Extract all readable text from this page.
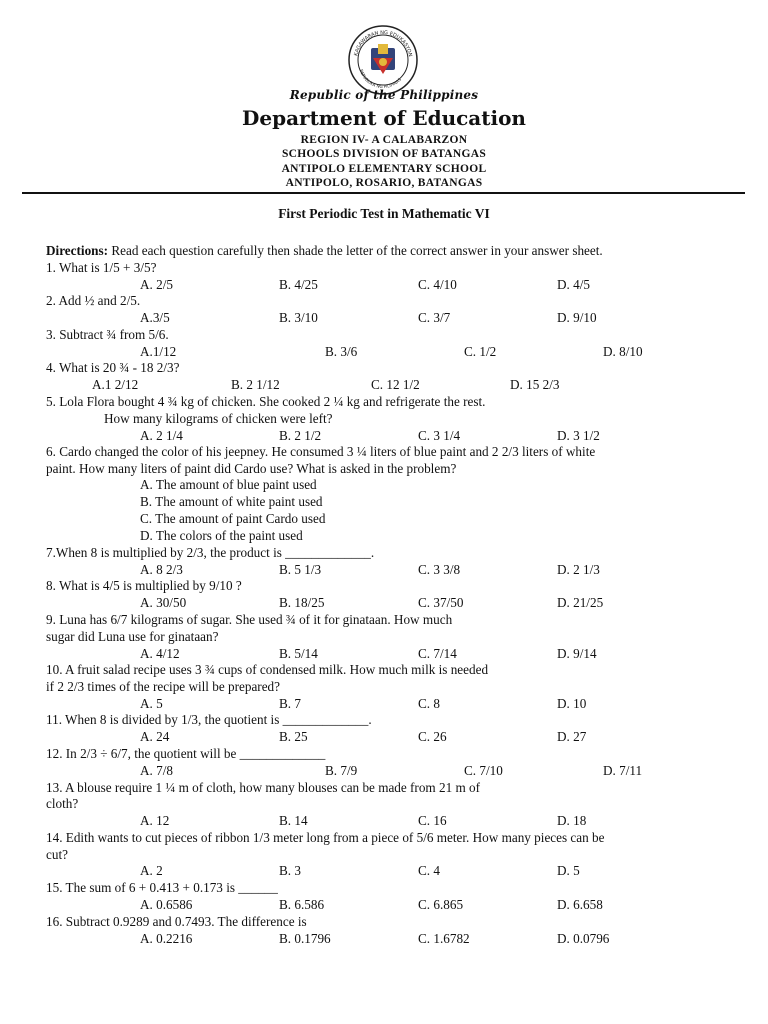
KAGAWARAN NG EDUKASYON
REPUBLIKA NG PILIPINAS
Republic of the Philippines
Department of Education
REGION IV- A CALABARZON
SCHOOLS DIVISION OF BATANGAS
ANTIPOLO ELEMENTARY SCHOOL
ANTIPOLO, ROSARIO, BATANGAS
First Periodic Test in Mathematic VI
Directions: Read each question carefully then shade the letter of the correct answer in your answer sheet.
1. What is 1/5 + 3/5?
A. 2/5	B. 4/25	C. 4/10	D. 4/5
2. Add ½ and 2/5.
A.3/5	B. 3/10	C. 3/7	D. 9/10
3. Subtract ¾ from 5/6.
A.1/12	B. 3/6	C. 1/2	D. 8/10
4. What is 20 ¾ - 18 2/3?
A.1 2/12	B. 2 1/12	C. 12 1/2	D. 15 2/3
5. Lola Flora bought 4 ¾ kg of chicken. She cooked 2 ¼ kg and refrigerate the rest.
How many kilograms of chicken were left?
A. 2 1/4	B. 2 1/2	C. 3 1/4	D. 3 1/2
6. Cardo changed the color of his jeepney. He consumed 3 ¼ liters of blue paint and 2 2/3 liters of white
paint. How many liters of paint did Cardo use? What is asked in the problem?
A. The amount of blue paint used
B. The amount of white paint used
C. The amount of paint Cardo used
D. The colors of the paint used
7.When 8 is multiplied by 2/3, the product is _____________.
A. 8 2/3	B. 5 1/3	C. 3 3/8	D. 2 1/3
8. What is 4/5 is multiplied by 9/10 ?
A. 30/50	B. 18/25	C. 37/50	D. 21/25
9. Luna has 6/7 kilograms of sugar. She used ¾ of it for ginataan. How much
sugar did Luna use for ginataan?
A. 4/12	B. 5/14	C. 7/14	D. 9/14
10. A fruit salad recipe uses 3 ¾ cups of condensed milk. How much milk is needed
if 2 2/3 times of the recipe will be prepared?
A. 5	B. 7	C. 8	D. 10
11. When 8 is divided by 1/3, the quotient is _____________.
A. 24	B. 25	C. 26	D. 27
12. In 2/3 ÷ 6/7, the quotient will be _____________
A. 7/8	B. 7/9	C. 7/10	D. 7/11
13. A blouse require 1 ¼ m of cloth, how many blouses can be made from 21 m of
cloth?
A. 12	B. 14	C. 16	D. 18
14. Edith wants to cut pieces of ribbon 1/3 meter long from a piece of 5/6 meter. How many pieces can be
cut?
A. 2	B. 3	C. 4	D. 5
15. The sum of 6 + 0.413 + 0.173 is ______
A. 0.6586	B. 6.586	C. 6.865	D. 6.658
16. Subtract 0.9289 and 0.7493. The difference is
A. 0.2216	B. 0.1796	C. 1.6782	D. 0.0796
